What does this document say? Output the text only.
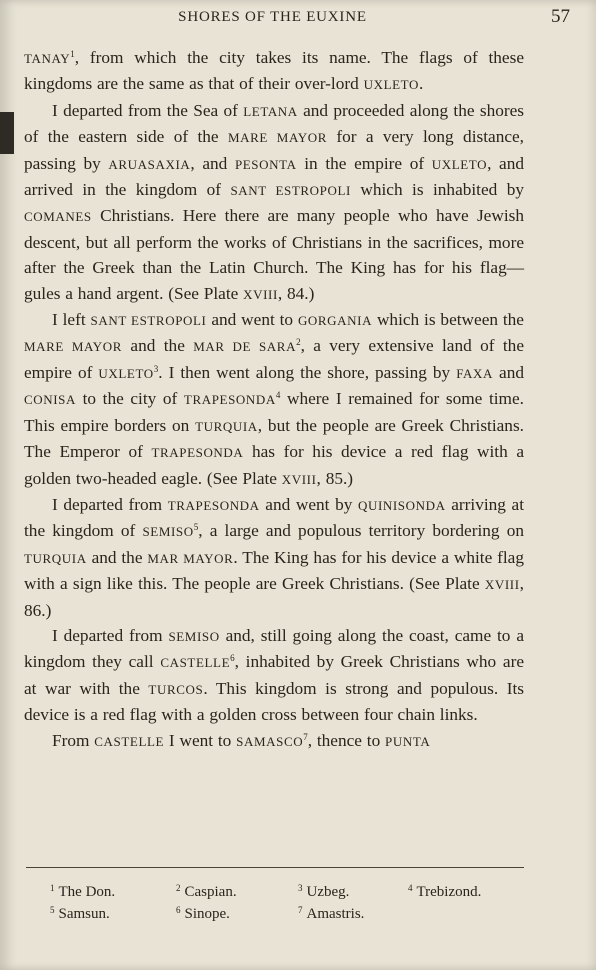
SHORES OF THE EUXINE	57

TANAY$^1$, from which the city takes its name. The flags of these kingdoms are the same as that of their over-lord UXLETO.

I departed from the Sea of LETANA and proceeded along the shores of the eastern side of the MARE MAYOR for a very long distance, passing by ARUASAXIA, and PESONTA in the empire of UXLETO, and arrived in the kingdom of SANT ESTROPOLI which is inhabited by COMANES Christians. Here there are many people who have Jewish descent, but all perform the works of Christians in the sacrifices, more after the Greek than the Latin Church. The King has for his flag—gules a hand argent. (See Plate XVIII, 84.)

I left SANT ESTROPOLI and went to GORGANIA which is between the MARE MAYOR and the MAR DE SARA$^2$, a very extensive land of the empire of UXLETO$^3$. I then went along the shore, passing by FAXA and CONISA to the city of TRAPESONDA$^4$ where I remained for some time. This empire borders on TURQUIA, but the people are Greek Christians. The Emperor of TRAPESONDA has for his device a red flag with a golden two-headed eagle. (See Plate XVIII, 85.)

I departed from TRAPESONDA and went by QUINISONDA arriving at the kingdom of SEMISO$^5$, a large and populous territory bordering on TURQUIA and the MAR MAYOR. The King has for his device a white flag with a sign like this. The people are Greek Christians. (See Plate XVIII, 86.)

I departed from SEMISO and, still going along the coast, came to a kingdom they call CASTELLE$^6$, inhabited by Greek Christians who are at war with the TURCOS. This kingdom is strong and populous. Its device is a red flag with a golden cross between four chain links.

From CASTELLE I went to SAMASCO$^7$, thence to PUNTA

$^1$ The Don.	$^2$ Caspian.	$^3$ Uzbeg.	$^4$ Trebizond.
$^5$ Samsun.	$^6$ Sinope.	$^7$ Amastris.
